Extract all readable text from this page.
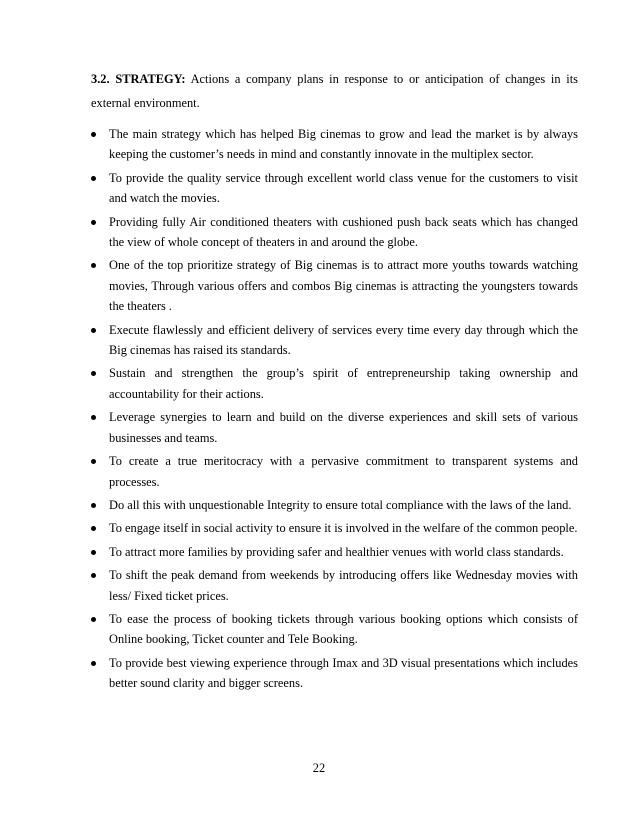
3.2. STRATEGY: Actions a company plans in response to or anticipation of changes in its external environment.

The main strategy which has helped Big cinemas to grow and lead the market is by always keeping the customer’s needs in mind and constantly innovate in the multiplex sector.
To provide the quality service through excellent world class venue for the customers to visit and watch the movies.
Providing fully Air conditioned theaters with cushioned push back seats which has changed the view of whole concept of theaters in and around the globe.
One of the top prioritize strategy of Big cinemas is to attract more youths towards watching movies, Through various offers and combos Big cinemas is attracting the youngsters towards the theaters .
Execute flawlessly and efficient delivery of services every time every day through which the Big cinemas has raised its standards.
Sustain and strengthen the group’s spirit of entrepreneurship taking ownership and accountability for their actions.
Leverage synergies to learn and build on the diverse experiences and skill sets of various businesses and teams.
To create a true meritocracy with a pervasive commitment to transparent systems and processes.
Do all this with unquestionable Integrity to ensure total compliance with the laws of the land.
To engage itself in social activity to ensure it is involved in the welfare of the common people.
To attract more families by providing safer and healthier venues with world class standards.
To shift the peak demand from weekends by introducing offers like Wednesday movies with less/ Fixed ticket prices.
To ease the process of booking tickets through various booking options which consists of Online booking, Ticket counter and Tele Booking.
To provide best viewing experience through Imax and 3D visual presentations which includes better sound clarity and bigger screens.
22
